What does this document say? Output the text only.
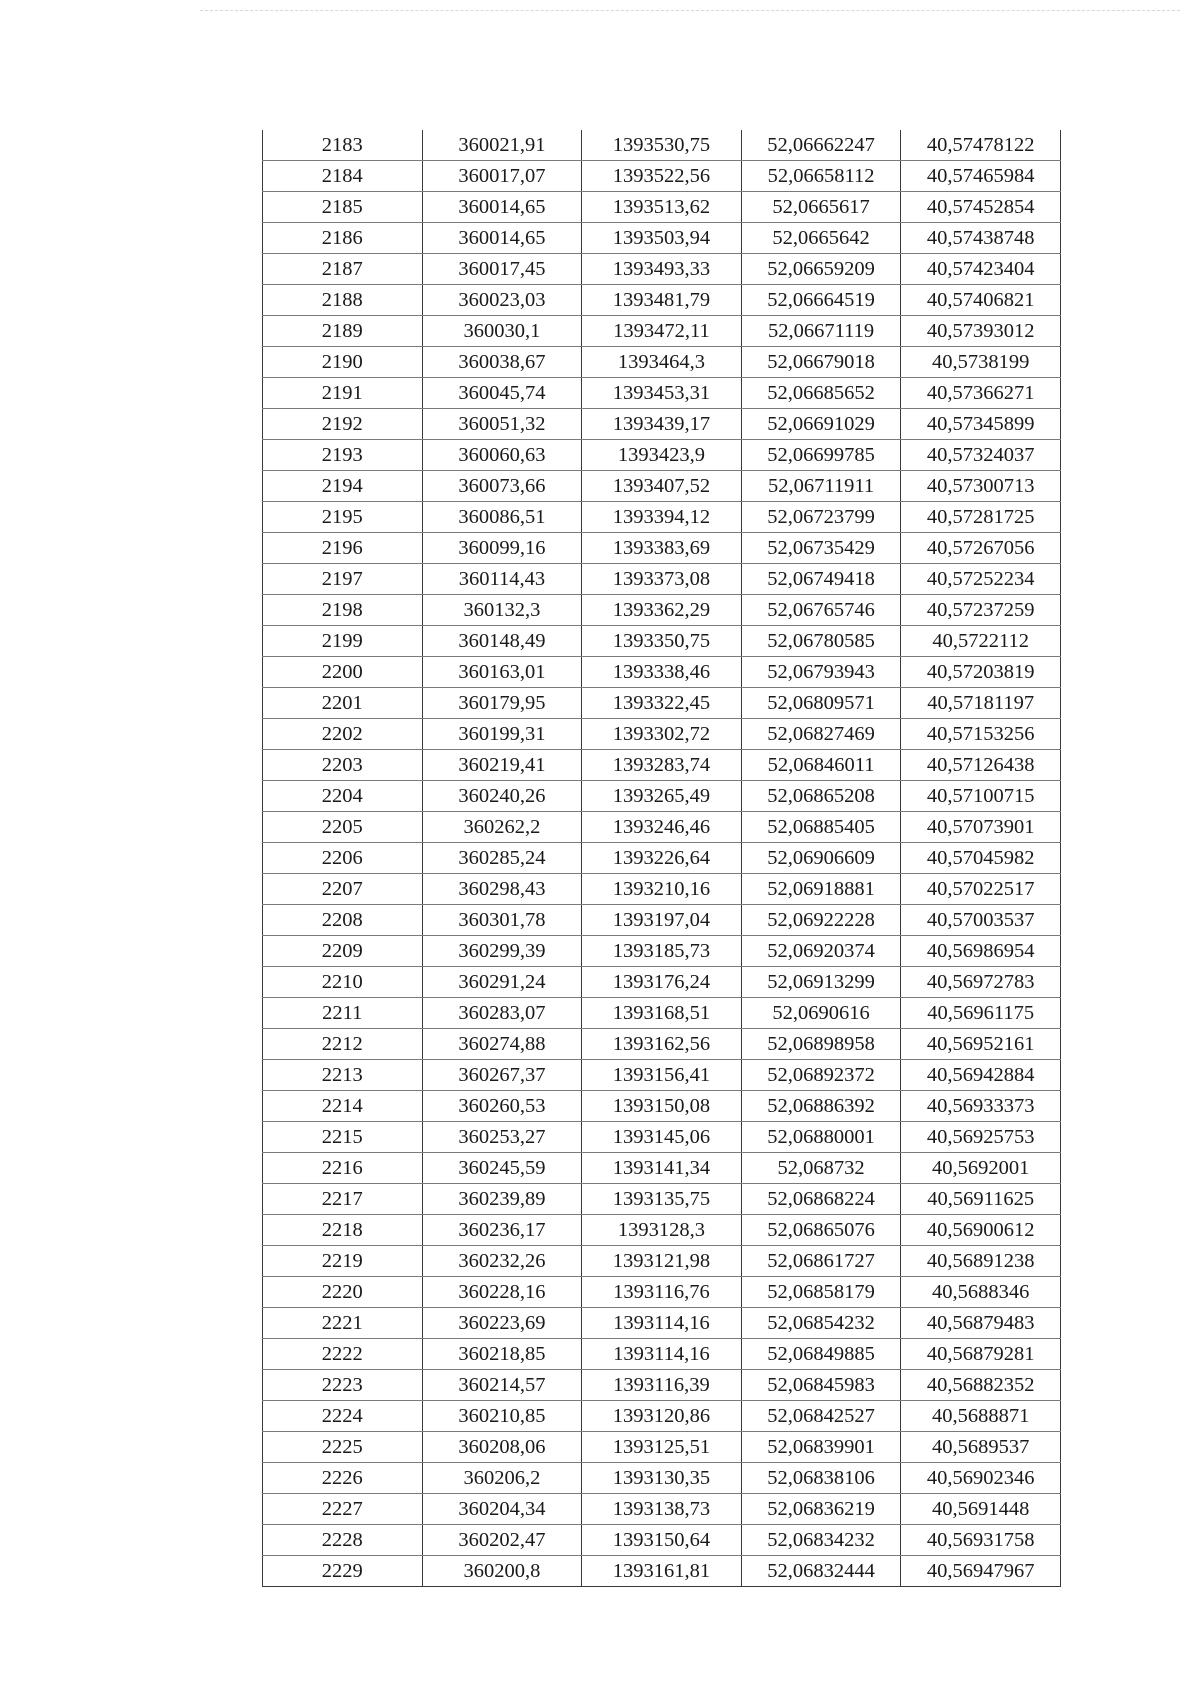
2183	360021,91	1393530,75	52,06662247	40,57478122
2184	360017,07	1393522,56	52,06658112	40,57465984
2185	360014,65	1393513,62	52,0665617	40,57452854
2186	360014,65	1393503,94	52,0665642	40,57438748
2187	360017,45	1393493,33	52,06659209	40,57423404
2188	360023,03	1393481,79	52,06664519	40,57406821
2189	360030,1	1393472,11	52,06671119	40,57393012
2190	360038,67	1393464,3	52,06679018	40,5738199
2191	360045,74	1393453,31	52,06685652	40,57366271
2192	360051,32	1393439,17	52,06691029	40,57345899
2193	360060,63	1393423,9	52,06699785	40,57324037
2194	360073,66	1393407,52	52,06711911	40,57300713
2195	360086,51	1393394,12	52,06723799	40,57281725
2196	360099,16	1393383,69	52,06735429	40,57267056
2197	360114,43	1393373,08	52,06749418	40,57252234
2198	360132,3	1393362,29	52,06765746	40,57237259
2199	360148,49	1393350,75	52,06780585	40,5722112
2200	360163,01	1393338,46	52,06793943	40,57203819
2201	360179,95	1393322,45	52,06809571	40,57181197
2202	360199,31	1393302,72	52,06827469	40,57153256
2203	360219,41	1393283,74	52,06846011	40,57126438
2204	360240,26	1393265,49	52,06865208	40,57100715
2205	360262,2	1393246,46	52,06885405	40,57073901
2206	360285,24	1393226,64	52,06906609	40,57045982
2207	360298,43	1393210,16	52,06918881	40,57022517
2208	360301,78	1393197,04	52,06922228	40,57003537
2209	360299,39	1393185,73	52,06920374	40,56986954
2210	360291,24	1393176,24	52,06913299	40,56972783
2211	360283,07	1393168,51	52,0690616	40,56961175
2212	360274,88	1393162,56	52,06898958	40,56952161
2213	360267,37	1393156,41	52,06892372	40,56942884
2214	360260,53	1393150,08	52,06886392	40,56933373
2215	360253,27	1393145,06	52,06880001	40,56925753
2216	360245,59	1393141,34	52,068732	40,5692001
2217	360239,89	1393135,75	52,06868224	40,56911625
2218	360236,17	1393128,3	52,06865076	40,56900612
2219	360232,26	1393121,98	52,06861727	40,56891238
2220	360228,16	1393116,76	52,06858179	40,5688346
2221	360223,69	1393114,16	52,06854232	40,56879483
2222	360218,85	1393114,16	52,06849885	40,56879281
2223	360214,57	1393116,39	52,06845983	40,56882352
2224	360210,85	1393120,86	52,06842527	40,5688871
2225	360208,06	1393125,51	52,06839901	40,5689537
2226	360206,2	1393130,35	52,06838106	40,56902346
2227	360204,34	1393138,73	52,06836219	40,5691448
2228	360202,47	1393150,64	52,06834232	40,56931758
2229	360200,8	1393161,81	52,06832444	40,56947967
